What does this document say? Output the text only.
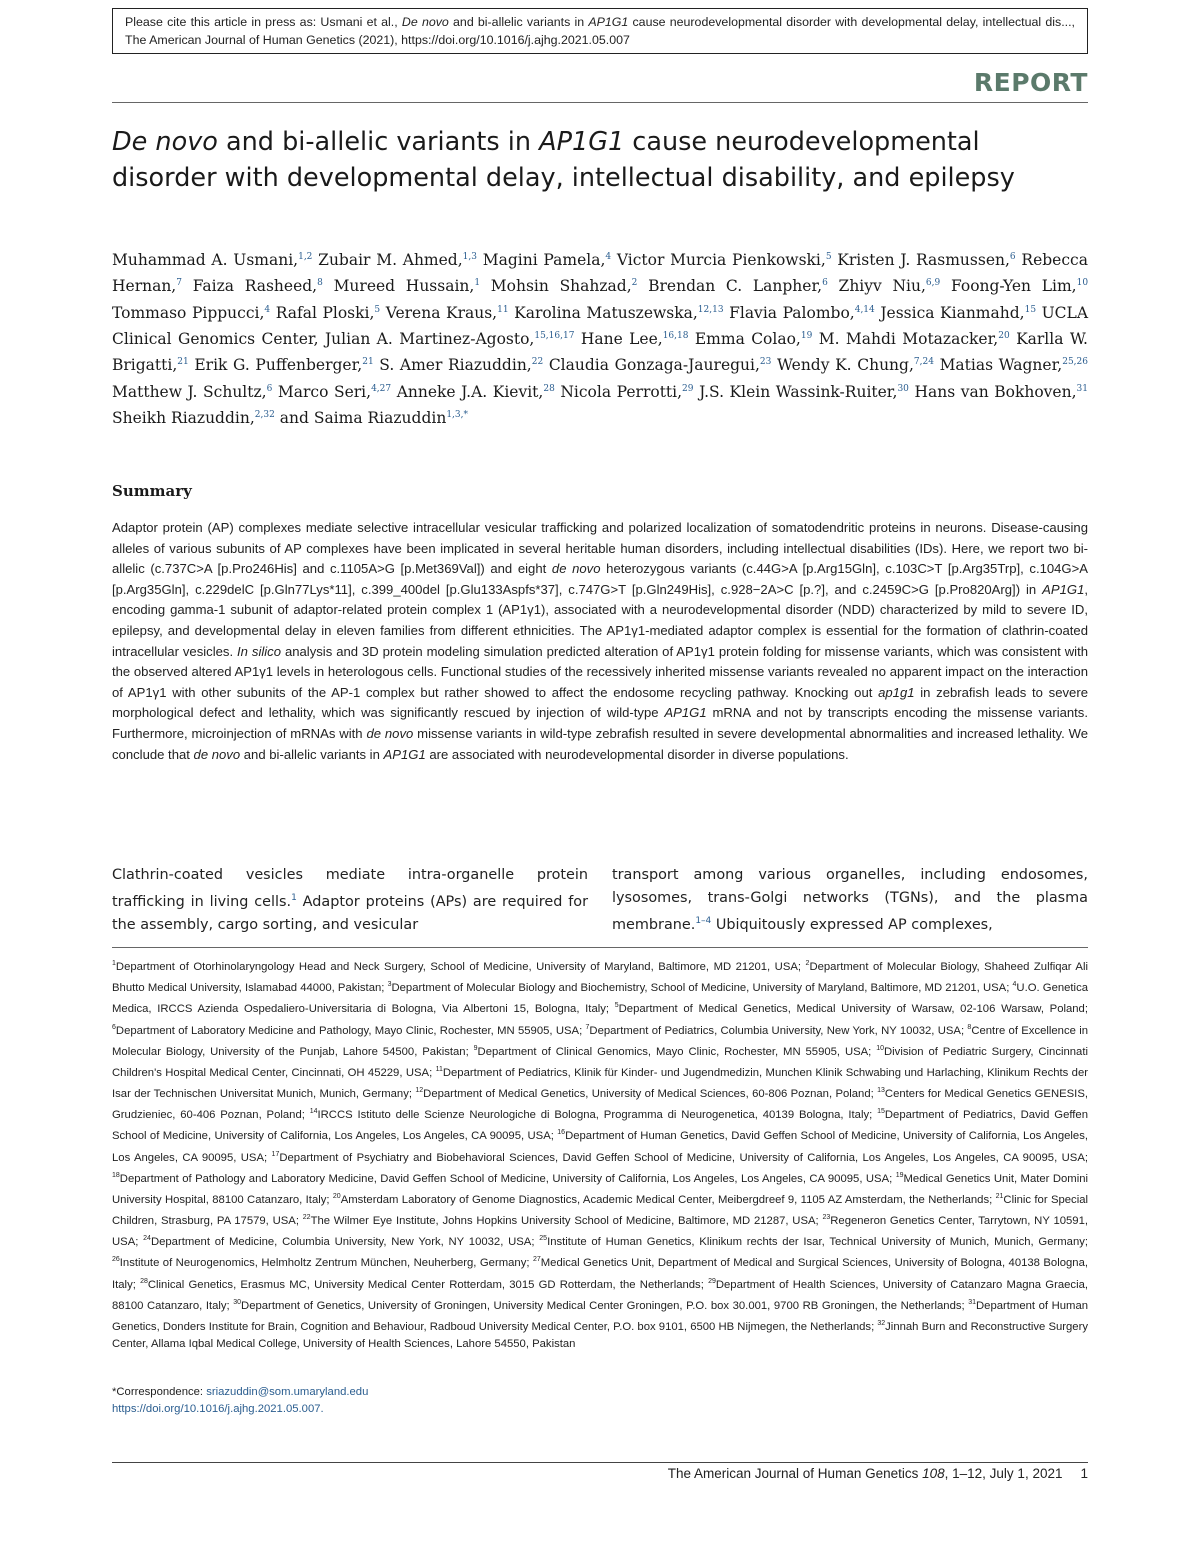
Please cite this article in press as: Usmani et al., De novo and bi-allelic variants in AP1G1 cause neurodevelopmental disorder with developmental delay, intellectual dis..., The American Journal of Human Genetics (2021), https://doi.org/10.1016/j.ajhg.2021.05.007
REPORT
De novo and bi-allelic variants in AP1G1 cause neurodevelopmental disorder with developmental delay, intellectual disability, and epilepsy
Muhammad A. Usmani,$^{1,2}$ Zubair M. Ahmed,$^{1,3}$ Magini Pamela,$^4$ Victor Murcia Pienkowski,$^5$ Kristen J. Rasmussen,$^6$ Rebecca Hernan,$^7$ Faiza Rasheed,$^8$ Mureed Hussain,$^1$ Mohsin Shahzad,$^2$ Brendan C. Lanpher,$^6$ Zhiyv Niu,$^{6,9}$ Foong-Yen Lim,$^{10}$ Tommaso Pippucci,$^4$ Rafal Ploski,$^5$ Verena Kraus,$^{11}$ Karolina Matuszewska,$^{12,13}$ Flavia Palombo,$^{4,14}$ Jessica Kianmahd,$^{15}$ UCLA Clinical Genomics Center, Julian A. Martinez-Agosto,$^{15,16,17}$ Hane Lee,$^{16,18}$ Emma Colao,$^{19}$ M. Mahdi Motazacker,$^{20}$ Karlla W. Brigatti,$^{21}$ Erik G. Puffenberger,$^{21}$ S. Amer Riazuddin,$^{22}$ Claudia Gonzaga-Jauregui,$^{23}$ Wendy K. Chung,$^{7,24}$ Matias Wagner,$^{25,26}$ Matthew J. Schultz,$^6$ Marco Seri,$^{4,27}$ Anneke J.A. Kievit,$^{28}$ Nicola Perrotti,$^{29}$ J.S. Klein Wassink-Ruiter,$^{30}$ Hans van Bokhoven,$^{31}$ Sheikh Riazuddin,$^{2,32}$ and Saima Riazuddin$^{1,3,*}$
Summary
Adaptor protein (AP) complexes mediate selective intracellular vesicular trafficking and polarized localization of somatodendritic proteins in neurons. Disease-causing alleles of various subunits of AP complexes have been implicated in several heritable human disorders, including intellectual disabilities (IDs). Here, we report two bi-allelic (c.737C>A [p.Pro246His] and c.1105A>G [p.Met369Val]) and eight de novo heterozygous variants (c.44G>A [p.Arg15Gln], c.103C>T [p.Arg35Trp], c.104G>A [p.Arg35Gln], c.229delC [p.Gln77Lys*11], c.399_400del [p.Glu133Aspfs*37], c.747G>T [p.Gln249His], c.928−2A>C [p.?], and c.2459C>G [p.Pro820Arg]) in AP1G1, encoding gamma-1 subunit of adaptor-related protein complex 1 (AP1γ1), associated with a neurodevelopmental disorder (NDD) characterized by mild to severe ID, epilepsy, and developmental delay in eleven families from different ethnicities. The AP1γ1-mediated adaptor complex is essential for the formation of clathrin-coated intracellular vesicles. In silico analysis and 3D protein modeling simulation predicted alteration of AP1γ1 protein folding for missense variants, which was consistent with the observed altered AP1γ1 levels in heterologous cells. Functional studies of the recessively inherited missense variants revealed no apparent impact on the interaction of AP1γ1 with other subunits of the AP-1 complex but rather showed to affect the endosome recycling pathway. Knocking out ap1g1 in zebrafish leads to severe morphological defect and lethality, which was significantly rescued by injection of wild-type AP1G1 mRNA and not by transcripts encoding the missense variants. Furthermore, microinjection of mRNAs with de novo missense variants in wild-type zebrafish resulted in severe developmental abnormalities and increased lethality. We conclude that de novo and bi-allelic variants in AP1G1 are associated with neurodevelopmental disorder in diverse populations.
Clathrin-coated vesicles mediate intra-organelle protein trafficking in living cells.$^1$ Adaptor proteins (APs) are required for the assembly, cargo sorting, and vesicular
transport among various organelles, including endosomes, lysosomes, trans-Golgi networks (TGNs), and the plasma membrane.$^{1-4}$ Ubiquitously expressed AP complexes,
$^1$Department of Otorhinolaryngology Head and Neck Surgery, School of Medicine, University of Maryland, Baltimore, MD 21201, USA; $^2$Department of Molecular Biology, Shaheed Zulfiqar Ali Bhutto Medical University, Islamabad 44000, Pakistan; $^3$Department of Molecular Biology and Biochemistry, School of Medicine, University of Maryland, Baltimore, MD 21201, USA; $^4$U.O. Genetica Medica, IRCCS Azienda Ospedaliero-Universitaria di Bologna, Via Albertoni 15, Bologna, Italy; $^5$Department of Medical Genetics, Medical University of Warsaw, 02-106 Warsaw, Poland; $^6$Department of Laboratory Medicine and Pathology, Mayo Clinic, Rochester, MN 55905, USA; $^7$Department of Pediatrics, Columbia University, New York, NY 10032, USA; $^8$Centre of Excellence in Molecular Biology, University of the Punjab, Lahore 54500, Pakistan; $^9$Department of Clinical Genomics, Mayo Clinic, Rochester, MN 55905, USA; $^{10}$Division of Pediatric Surgery, Cincinnati Children's Hospital Medical Center, Cincinnati, OH 45229, USA; $^{11}$Department of Pediatrics, Klinik für Kinder- und Jugendmedizin, Munchen Klinik Schwabing und Harlaching, Klinikum Rechts der Isar der Technischen Universitat Munich, Munich, Germany; $^{12}$Department of Medical Genetics, University of Medical Sciences, 60-806 Poznan, Poland; $^{13}$Centers for Medical Genetics GENESIS, Grudzieniec, 60-406 Poznan, Poland; $^{14}$IRCCS Istituto delle Scienze Neurologiche di Bologna, Programma di Neurogenetica, 40139 Bologna, Italy; $^{15}$Department of Pediatrics, David Geffen School of Medicine, University of California, Los Angeles, Los Angeles, CA 90095, USA; $^{16}$Department of Human Genetics, David Geffen School of Medicine, University of California, Los Angeles, Los Angeles, CA 90095, USA; $^{17}$Department of Psychiatry and Biobehavioral Sciences, David Geffen School of Medicine, University of California, Los Angeles, Los Angeles, CA 90095, USA; $^{18}$Department of Pathology and Laboratory Medicine, David Geffen School of Medicine, University of California, Los Angeles, Los Angeles, CA 90095, USA; $^{19}$Medical Genetics Unit, Mater Domini University Hospital, 88100 Catanzaro, Italy; $^{20}$Amsterdam Laboratory of Genome Diagnostics, Academic Medical Center, Meibergdreef 9, 1105 AZ Amsterdam, the Netherlands; $^{21}$Clinic for Special Children, Strasburg, PA 17579, USA; $^{22}$The Wilmer Eye Institute, Johns Hopkins University School of Medicine, Baltimore, MD 21287, USA; $^{23}$Regeneron Genetics Center, Tarrytown, NY 10591, USA; $^{24}$Department of Medicine, Columbia University, New York, NY 10032, USA; $^{25}$Institute of Human Genetics, Klinikum rechts der Isar, Technical University of Munich, Munich, Germany; $^{26}$Institute of Neurogenomics, Helmholtz Zentrum München, Neuherberg, Germany; $^{27}$Medical Genetics Unit, Department of Medical and Surgical Sciences, University of Bologna, 40138 Bologna, Italy; $^{28}$Clinical Genetics, Erasmus MC, University Medical Center Rotterdam, 3015 GD Rotterdam, the Netherlands; $^{29}$Department of Health Sciences, University of Catanzaro Magna Graecia, 88100 Catanzaro, Italy; $^{30}$Department of Genetics, University of Groningen, University Medical Center Groningen, P.O. box 30.001, 9700 RB Groningen, the Netherlands; $^{31}$Department of Human Genetics, Donders Institute for Brain, Cognition and Behaviour, Radboud University Medical Center, P.O. box 9101, 6500 HB Nijmegen, the Netherlands; $^{32}$Jinnah Burn and Reconstructive Surgery Center, Allama Iqbal Medical College, University of Health Sciences, Lahore 54550, Pakistan
*Correspondence: sriazuddin@som.umaryland.edu
https://doi.org/10.1016/j.ajhg.2021.05.007.
The American Journal of Human Genetics 108, 1–12, July 1, 2021 1
